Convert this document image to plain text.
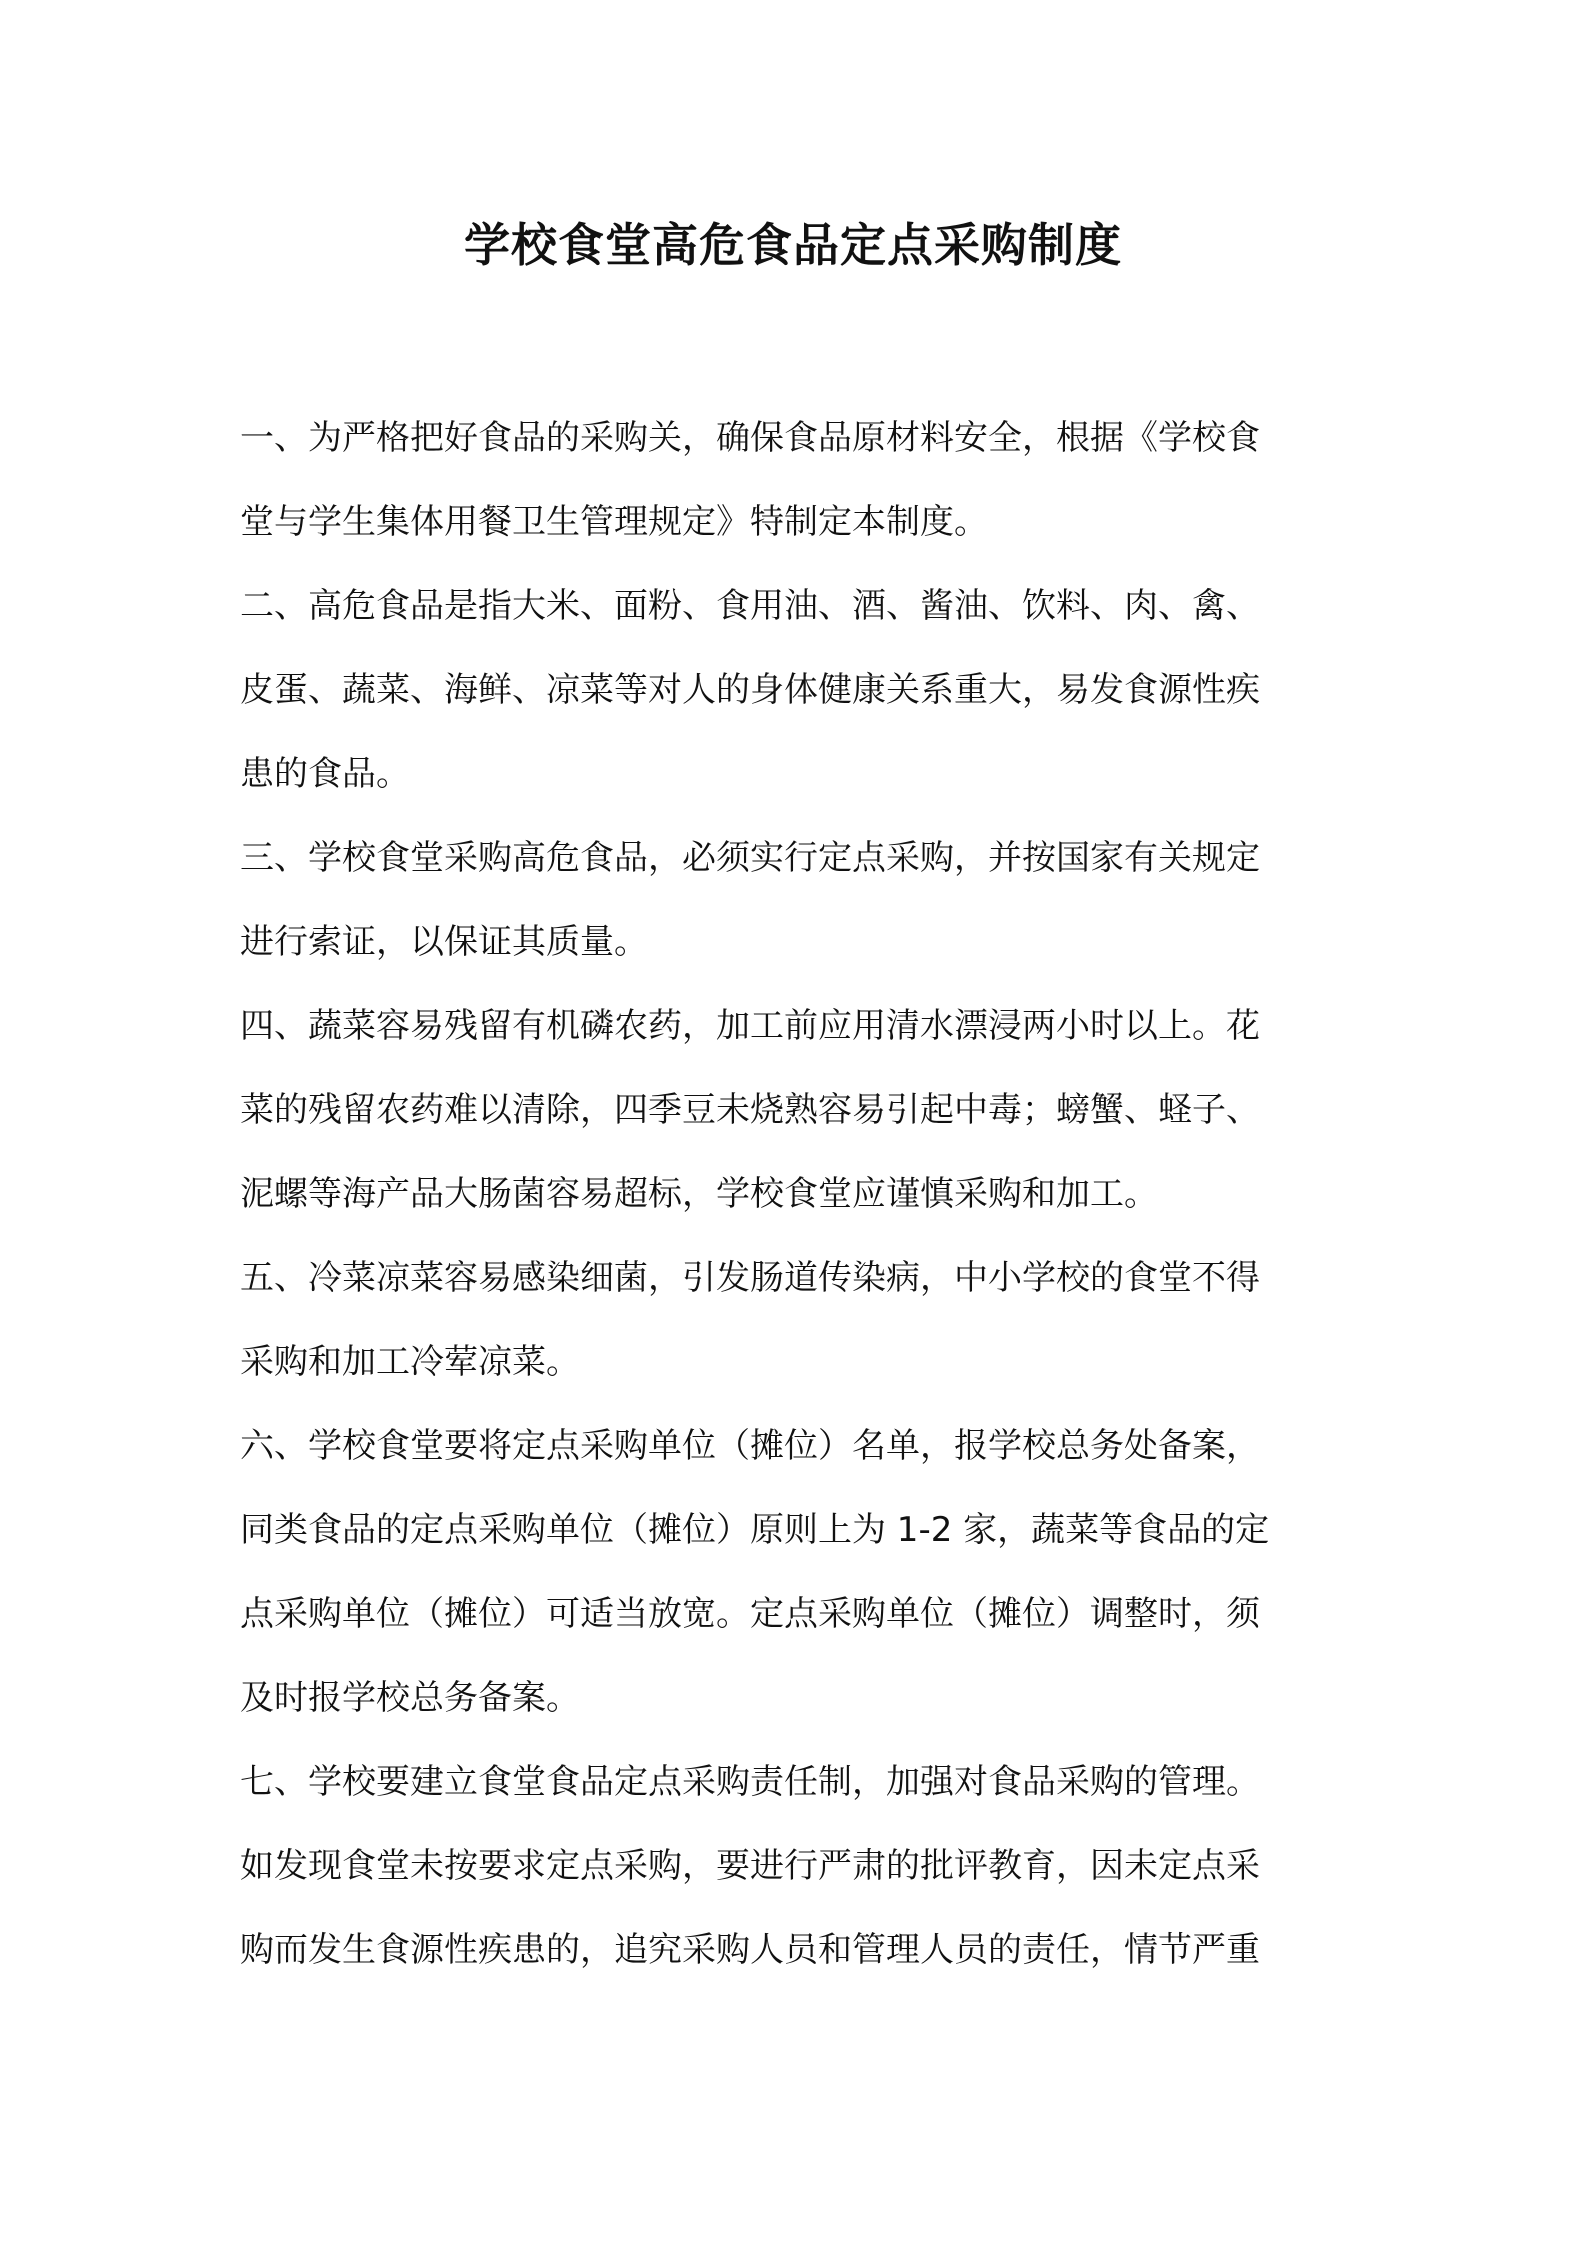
学校食堂高危食品定点采购制度
一、为严格把好食品的采购关，确保食品原材料安全，根据《学校食
堂与学生集体用餐卫生管理规定》特制定本制度。
二、高危食品是指大米、面粉、食用油、酒、酱油、饮料、肉、禽、
皮蛋、蔬菜、海鲜、凉菜等对人的身体健康关系重大，易发食源性疾
患的食品。
三、学校食堂采购高危食品，必须实行定点采购，并按国家有关规定
进行索证，以保证其质量。
四、蔬菜容易残留有机磷农药，加工前应用清水漂浸两小时以上。花
菜的残留农药难以清除，四季豆未烧熟容易引起中毒；螃蟹、蛏子、
泥螺等海产品大肠菌容易超标，学校食堂应谨慎采购和加工。
五、冷菜凉菜容易感染细菌，引发肠道传染病，中小学校的食堂不得
采购和加工冷荤凉菜。
六、学校食堂要将定点采购单位（摊位）名单，报学校总务处备案，
同类食品的定点采购单位（摊位）原则上为 1-2 家，蔬菜等食品的定
点采购单位（摊位）可适当放宽。定点采购单位（摊位）调整时，须
及时报学校总务备案。
七、学校要建立食堂食品定点采购责任制，加强对食品采购的管理。
如发现食堂未按要求定点采购，要进行严肃的批评教育，因未定点采
购而发生食源性疾患的，追究采购人员和管理人员的责任，情节严重
